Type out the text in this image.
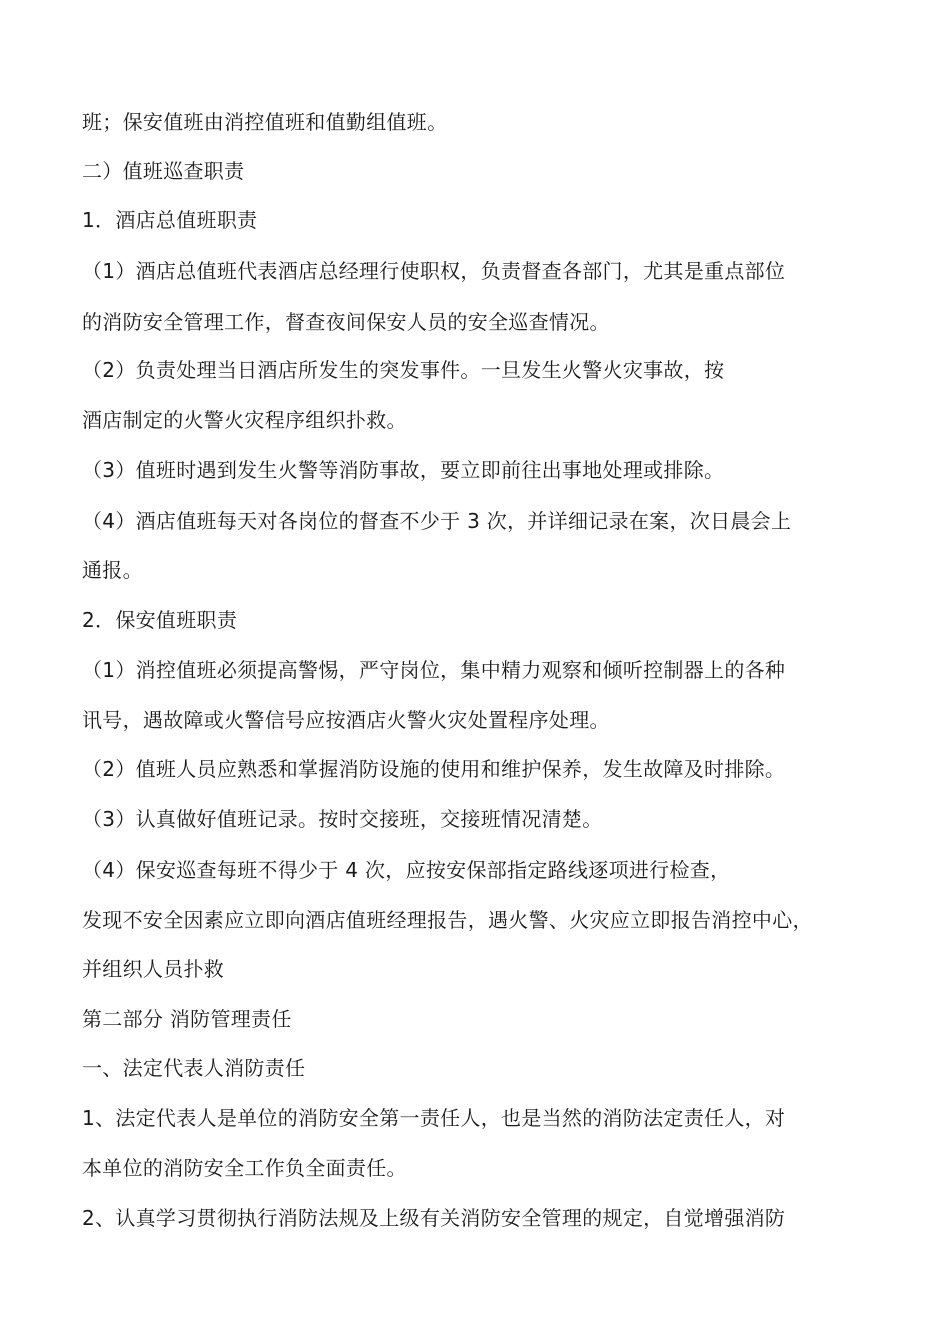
班；保安值班由消控值班和值勤组值班。
二）值班巡查职责
1．酒店总值班职责
（1）酒店总值班代表酒店总经理行使职权，负责督查各部门，尤其是重点部位
的消防安全管理工作，督查夜间保安人员的安全巡查情况。
（2）负责处理当日酒店所发生的突发事件。一旦发生火警火灾事故，按
酒店制定的火警火灾程序组织扑救。
（3）值班时遇到发生火警等消防事故，要立即前往出事地处理或排除。
（4）酒店值班每天对各岗位的督查不少于 3 次，并详细记录在案，次日晨会上
通报。
2．保安值班职责
（1）消控值班必须提高警惕，严守岗位，集中精力观察和倾听控制器上的各种
讯号，遇故障或火警信号应按酒店火警火灾处置程序处理。
（2）值班人员应熟悉和掌握消防设施的使用和维护保养，发生故障及时排除。
（3）认真做好值班记录。按时交接班，交接班情况清楚。
（4）保安巡查每班不得少于 4 次，应按安保部指定路线逐项进行检查，
发现不安全因素应立即向酒店值班经理报告，遇火警、火灾应立即报告消控中心，
并组织人员扑救
第二部分 消防管理责任
一、法定代表人消防责任
1、法定代表人是单位的消防安全第一责任人，也是当然的消防法定责任人，对
本单位的消防安全工作负全面责任。
2、认真学习贯彻执行消防法规及上级有关消防安全管理的规定，自觉增强消防
